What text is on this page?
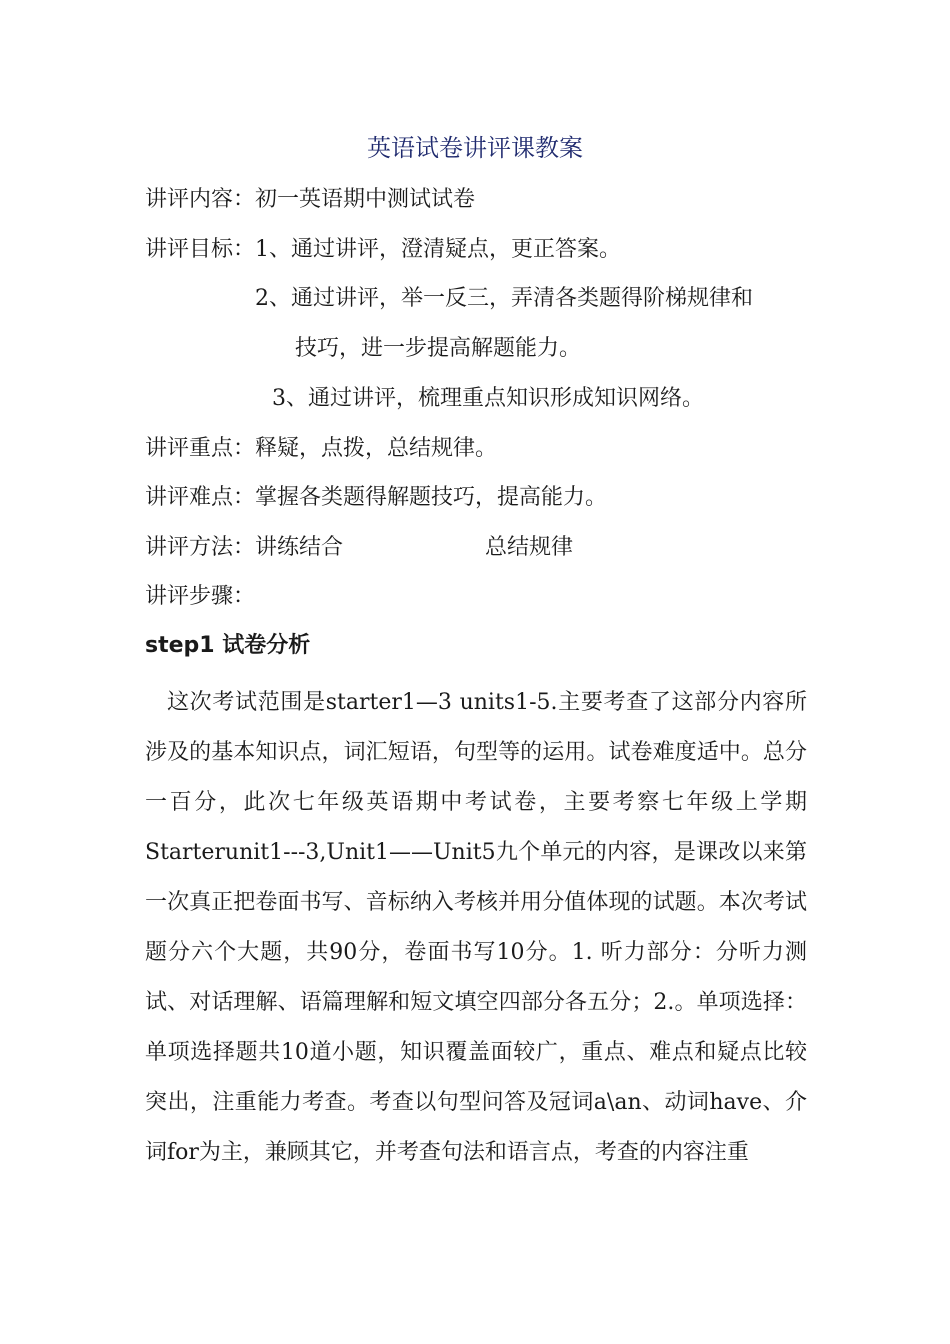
英语试卷讲评课教案
讲评内容：初一英语期中测试试卷
讲评目标：1、通过讲评，澄清疑点，更正答案。
2、通过讲评，举一反三，弄清各类题得阶梯规律和
技巧，进一步提高解题能力。
3、通过讲评，梳理重点知识形成知识网络。
讲评重点：释疑，点拨，总结规律。
讲评难点：掌握各类题得解题技巧，提高能力。
讲评方法：讲练结合	总结规律
讲评步骤：
step1 试卷分析

这次考试范围是starter1—3 units1-5.主要考查了这部分内容所涉及的基本知识点，词汇短语，句型等的运用。试卷难度适中。总分一百分，此次七年级英语期中考试卷，主要考察七年级上学期Starterunit1---3,Unit1——Unit5九个单元的内容，是课改以来第一次真正把卷面书写、音标纳入考核并用分值体现的试题。本次考试题分六个大题，共90分，卷面书写10分。1. 听力部分：分听力测试、对话理解、语篇理解和短文填空四部分各五分；2.。单项选择：单项选择题共10道小题，知识覆盖面较广，重点、难点和疑点比较突出，注重能力考查。考查以句型问答及冠词a\an、动词have、介词for为主，兼顾其它，并考查句法和语言点，考查的内容注重
